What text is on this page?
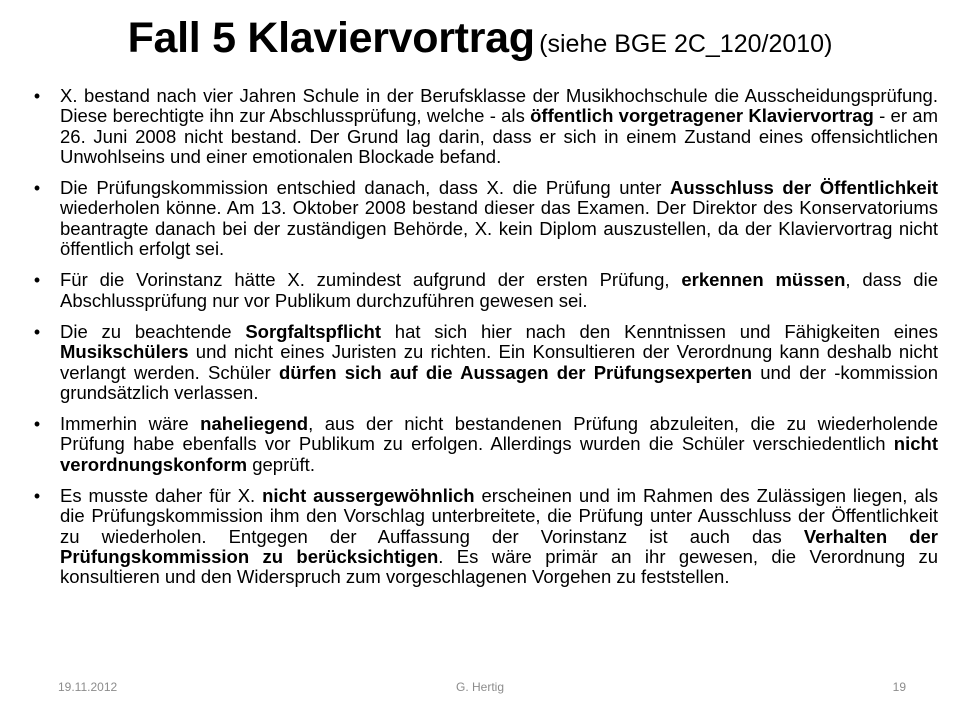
Fall 5 Klaviervortrag (siehe BGE 2C_120/2010)
• X. bestand nach vier Jahren Schule in der Berufsklasse der Musikhochschule die Ausscheidungsprüfung. Diese berechtigte ihn zur Abschlussprüfung, welche - als öffentlich vorgetragener Klaviervortrag - er am 26. Juni 2008 nicht bestand. Der Grund lag darin, dass er sich in einem Zustand eines offensichtlichen Unwohlseins und einer emotionalen Blockade befand.
• Die Prüfungskommission entschied danach, dass X. die Prüfung unter Ausschluss der Öffentlichkeit wiederholen könne. Am 13. Oktober 2008 bestand dieser das Examen. Der Direktor des Konservatoriums beantragte danach bei der zuständigen Behörde, X. kein Diplom auszustellen, da der Klaviervortrag nicht öffentlich erfolgt sei.
• Für die Vorinstanz hätte X. zumindest aufgrund der ersten Prüfung, erkennen müssen, dass die Abschlussprüfung nur vor Publikum durchzuführen gewesen sei.
• Die zu beachtende Sorgfaltspflicht hat sich hier nach den Kenntnissen und Fähigkeiten eines Musikschülers und nicht eines Juristen zu richten. Ein Konsultieren der Verordnung kann deshalb nicht verlangt werden. Schüler dürfen sich auf die Aussagen der Prüfungsexperten und der -kommission grundsätzlich verlassen.
• Immerhin wäre naheliegend, aus der nicht bestandenen Prüfung abzuleiten, die zu wiederholende Prüfung habe ebenfalls vor Publikum zu erfolgen. Allerdings wurden die Schüler verschiedentlich nicht verordnungskonform geprüft.
• Es musste daher für X. nicht aussergewöhnlich erscheinen und im Rahmen des Zulässigen liegen, als die Prüfungskommission ihm den Vorschlag unterbreitete, die Prüfung unter Ausschluss der Öffentlichkeit zu wiederholen. Entgegen der Auffassung der Vorinstanz ist auch das Verhalten der Prüfungskommission zu berücksichtigen. Es wäre primär an ihr gewesen, die Verordnung zu konsultieren und den Widerspruch zum vorgeschlagenen Vorgehen zu feststellen.
19.11.2012	G. Hertig	19
